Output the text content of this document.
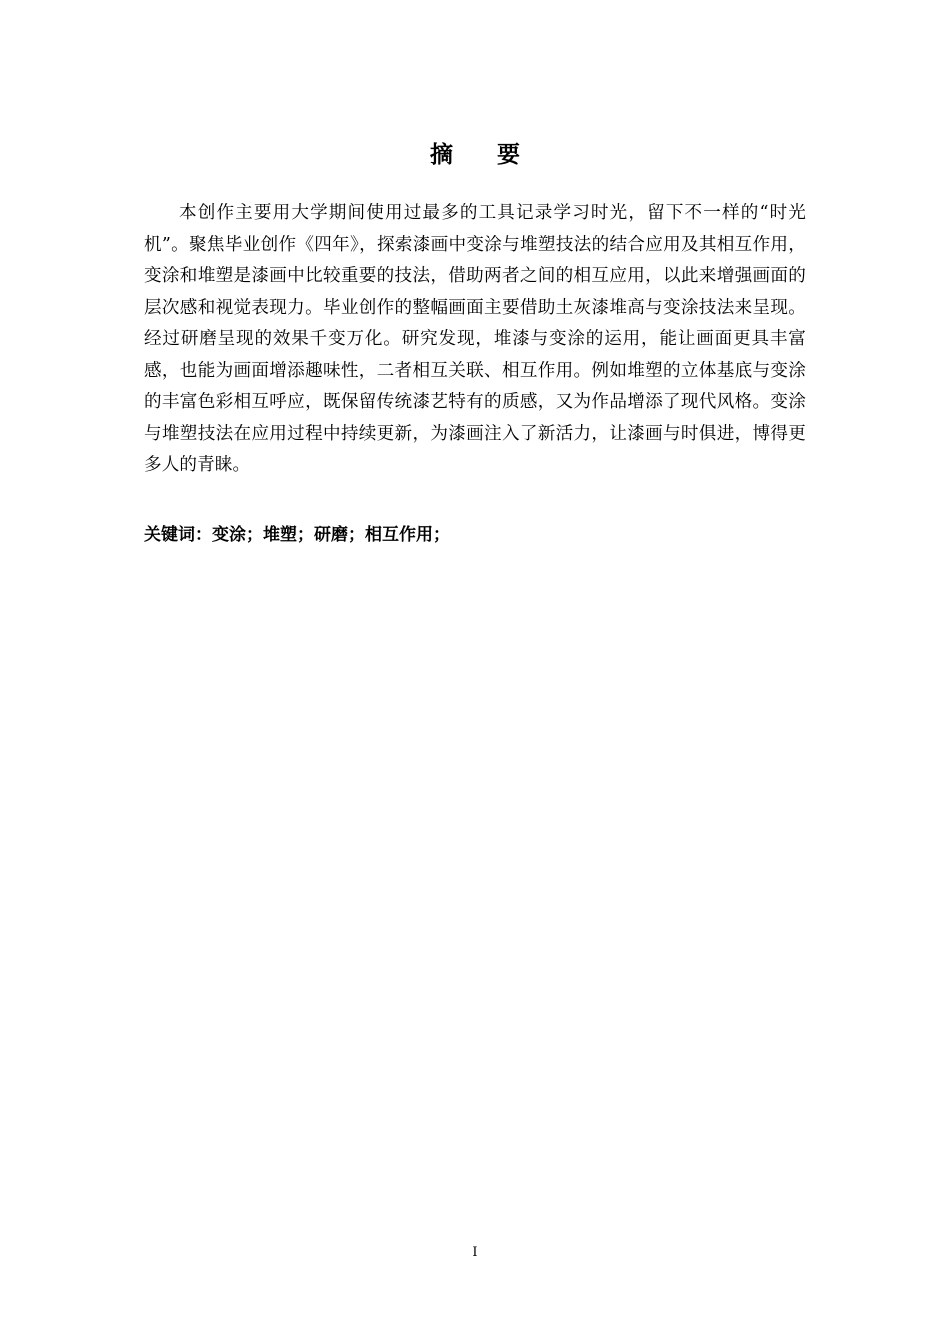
摘 要

本创作主要用大学期间使用过最多的工具记录学习时光，留下不一样的“时光机”。聚焦毕业创作《四年》，探索漆画中变涂与堆塑技法的结合应用及其相互作用，变涂和堆塑是漆画中比较重要的技法，借助两者之间的相互应用，以此来增强画面的层次感和视觉表现力。毕业创作的整幅画面主要借助土灰漆堆高与变涂技法来呈现。经过研磨呈现的效果千变万化。研究发现，堆漆与变涂的运用，能让画面更具丰富感，也能为画面增添趣味性，二者相互关联、相互作用。例如堆塑的立体基底与变涂的丰富色彩相互呼应，既保留传统漆艺特有的质感，又为作品增添了现代风格。变涂与堆塑技法在应用过程中持续更新，为漆画注入了新活力，让漆画与时俱进，博得更多人的青睐。

关键词：变涂；堆塑；研磨；相互作用；

I
